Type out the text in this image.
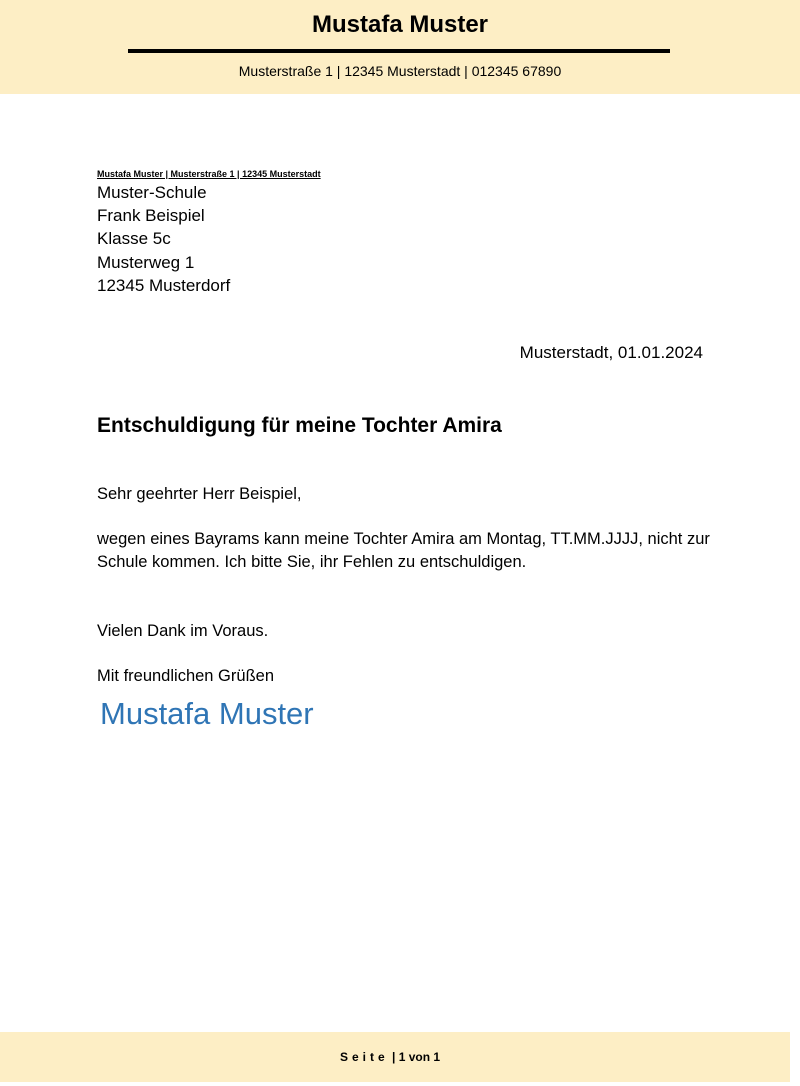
Mustafa Muster
Musterstraße 1 | 12345 Musterstadt | 012345 67890
Mustafa Muster | Musterstraße 1 | 12345 Musterstadt
Muster-Schule
Frank Beispiel
Klasse 5c
Musterweg 1
12345 Musterdorf
Musterstadt, 01.01.2024
Entschuldigung für meine Tochter Amira
Sehr geehrter Herr Beispiel,
wegen eines Bayrams kann meine Tochter Amira am Montag, TT.MM.JJJJ, nicht zur Schule kommen. Ich bitte Sie, ihr Fehlen zu entschuldigen.
Vielen Dank im Voraus.
Mit freundlichen Grüßen
Mustafa Muster
Seite | 1 von 1
